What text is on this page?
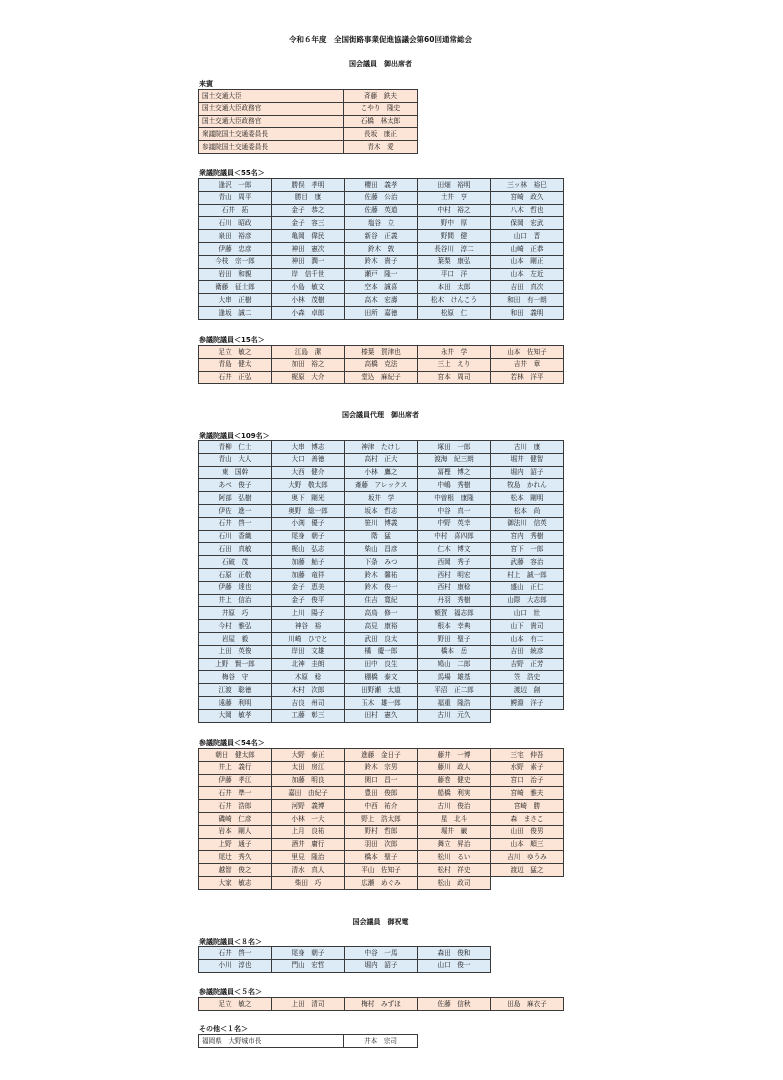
令和６年度　全国街路事業促進協議会第60回通常総会
国会議員　御出席者
来賓
国土交通大臣	斉藤　鉄夫
国土交通大臣政務官	こやり　隆史
国土交通大臣政務官	石橋　林太郎
衆議院国土交通委員長	長坂　康正
参議院国土交通委員長	青木　愛
衆議院議員＜55名＞
逢沢　一郎	勝俣　孝明	櫻田　義孝	田畑　裕明	三ッ林　裕巳
青山　周平	勝目　康	佐藤　公治	土井　亨	宮崎　政久
石井　拓	金子　恭之	佐藤　英道	中村　裕之	八木　哲也
石川　昭政	金子　容三	塩谷　立	野中　厚	保岡　宏武
泉田　裕彦	亀岡　偉民	新谷　正義	野間　健	山口　晋
伊藤　忠彦	神田　憲次	鈴木　敦	長谷川　淳二	山崎　正恭
今枝　宗一郎	神田　潤一	鈴木　貴子	葉梨　康弘	山本　剛正
岩田　和親	岸　信千世	瀬戸　隆一	平口　洋	山本　左近
衛藤　征士郎	小島　敏文	空本　誠喜	本田　太郎	吉田　真次
大串　正樹	小林　茂樹	高木　宏壽	松木　けんこう	和田　有一朗
逢坂　誠二	小森　卓郎	田所　嘉徳	松原　仁	和田　義明
参議院議員＜15名＞
足立　敏之	江島　潔	榛葉　賀津也	永井　学	山本　佐知子
青島　健太	加田　裕之	高橋　克法	三上　えり	吉井　章
石井　正弘	梶原　大介	堂込　麻紀子	宮本　周司	若林　洋平
国会議員代理　御出席者
衆議院議員＜109名＞
青柳　仁士	大串　博志	神津　たけし	塚田　一郎	古川　康
青山　大人	大口　善徳	高村　正大	渡海　紀三朗	堀井　健智
東　国幹	大西　健介	小林　鷹之	冨樫　博之	堀内　詔子
あべ　俊子	大野　敬太郎	斎藤　アレックス	中嶋　秀樹	牧島　かれん
阿部　弘樹	奥下　剛光	坂井　学	中曽根　康隆	松本　剛明
伊佐　進一	奥野　総一郎	坂本　哲志	中谷　真一	松本　尚
石井　啓一	小渕　優子	笹川　博義	中野　英幸	御法川　信英
石川　香織	尾身　朝子	階　猛	中村　喜四郎	宮内　秀樹
石田　真敏	梶山　弘志	柴山　昌彦	仁木　博文	宮下　一郎
石破　茂	加藤　鮎子	下条　みつ	西岡　秀子	武藤　容治
石原　正敬	加藤　竜祥	鈴木　馨祐	西村　明宏	村上　誠一郎
伊藤　達也	金子　恵美	鈴木　俊一	西村　康稔	盛山　正仁
井上　信治	金子　俊平	住吉　寛紀	丹羽　秀樹	山際　大志郎
井原　巧	上川　陽子	高鳥　修一	額賀　福志郎	山口　壯
今村　雅弘	神谷　裕	高見　康裕	根本　幸典	山下　貴司
岩屋　毅	川崎　ひでと	武田　良太	野田　聖子	山本　有二
上田　英俊	岸田　文雄	橘　慶一郎	橋本　岳	吉田　統彦
上野　賢一郎	北神　圭朗	田中　良生	鳩山　二郎	吉野　正芳
梅谷　守	木原　稔	棚橋　泰文	馬場　雄基	笠　浩史
江渡　聡徳	木村　次郎	田野瀬　太道	平沼　正二郎	渡辺　創
遠藤　利明	吉良　州司	玉木　雄一郎	福重　隆浩	鰐淵　洋子
大岡　敏孝	工藤　彰三	田村　憲久	古川　元久
参議院議員＜54名＞
朝日　健太郎	大野　泰正	進藤　金日子	藤井　一博	三宅　伸吾
井上　義行	太田　房江	鈴木　宗男	藤川　政人	水野　素子
伊藤　孝江	加藤　明良	関口　昌一	藤巻　健史	宮口　治子
石井　準一	嘉田　由紀子	豊田　俊郎	船橋　利実	宮崎　雅夫
石井　浩郎	河野　義博	中西　祐介	古川　俊治	宮崎　勝
磯崎　仁彦	小林　一大	野上　浩太郎	星　北斗	森　まさこ
岩本　剛人	上月　良祐	野村　哲郎	堀井　巌	山田　俊男
上野　通子	酒井　庸行	羽田　次郎	舞立　昇治	山本　順三
尾辻　秀久	里見　隆治	橋本　聖子	松川　るい	吉川　ゆうみ
越智　俊之	清水　真人	平山　佐知子	松村　祥史	渡辺　猛之
大家　敏志	柴田　巧	広瀬　めぐみ	松山　政司
国会議員　御祝電
衆議院議員＜８名＞
石井　啓一	尾身　朝子	中谷　一馬	森田　俊和
小川　淳也	門山　宏哲	堀内　詔子	山口　俊一
参議院議員＜５名＞
足立　敏之	上田　清司	梅村　みずほ	佐藤　信秋	田島　麻衣子
その他＜１名＞
福岡県　大野城市長	井本　宗司
